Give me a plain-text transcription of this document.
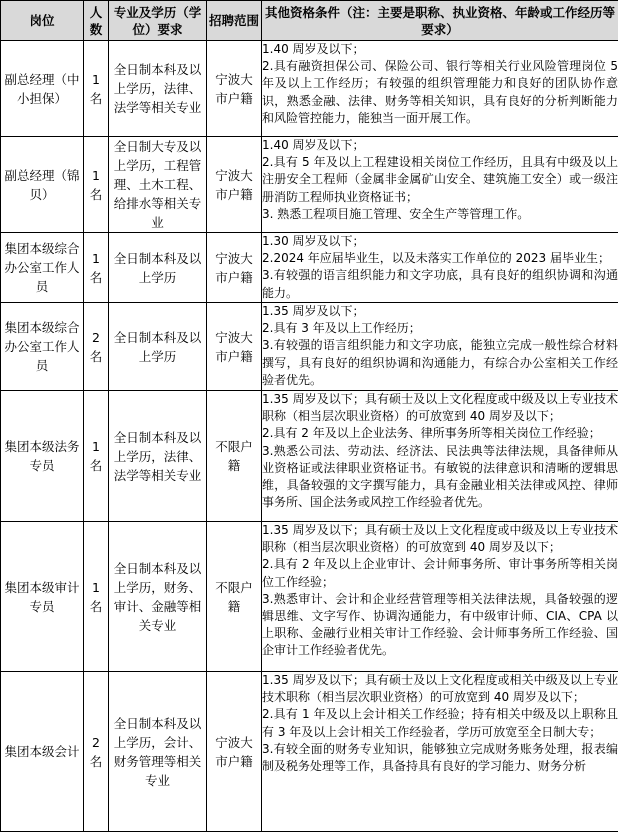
岗位	人数	专业及学历（学位）要求	招聘范围	其他资格条件（注：主要是职称、执业资格、年龄或工作经历等要求）

副总经理（中小担保）	1名	全日制本科及以上学历，法律、法学等相关专业	宁波大市户籍	1.40 周岁及以下；
2.具有融资担保公司、保险公司、银行等相关行业风险管理岗位 5 年及以上工作经历；有较强的组织管理能力和良好的团队协作意识，熟悉金融、法律、财务等相关知识，具有良好的分析判断能力和风险管控能力，能独当一面开展工作。

副总经理（锦贝）	1名	全日制大专及以上学历，工程管理、土木工程、给排水等相关专业	宁波大市户籍	1.40 周岁及以下；
2.具有 5 年及以上工程建设相关岗位工作经历，且具有中级及以上注册安全工程师（金属非金属矿山安全、建筑施工安全）或一级注册消防工程师执业资格证书；
3. 熟悉工程项目施工管理、安全生产等管理工作。

集团本级综合办公室工作人员	1名	全日制本科及以上学历	宁波大市户籍	1.30 周岁及以下；
2.2024 年应届毕业生，以及未落实工作单位的 2023 届毕业生；
3.有较强的语言组织能力和文字功底，具有良好的组织协调和沟通能力。

集团本级综合办公室工作人员	2名	全日制本科及以上学历	宁波大市户籍	1.35 周岁及以下；
2.具有 3 年及以上工作经历；
3.有较强的语言组织能力和文字功底，能独立完成一般性综合材料撰写，具有良好的组织协调和沟通能力，有综合办公室相关工作经验者优先。

集团本级法务专员	1名	全日制本科及以上学历，法律、法学等相关专业	不限户籍	1.35 周岁及以下；具有硕士及以上文化程度或中级及以上专业技术职称（相当层次职业资格）的可放宽到 40 周岁及以下；
2.具有 2 年及以上企业法务、律所事务所等相关岗位工作经验；
3.熟悉公司法、劳动法、经济法、民法典等法律法规，具备律师从业资格证或法律职业资格证书。有敏锐的法律意识和清晰的逻辑思维，具备较强的文字撰写能力，具有金融业相关法律或风控、律师事务所、国企法务或风控工作经验者优先。

集团本级审计专员	1名	全日制本科及以上学历，财务、审计、金融等相关专业	不限户籍	1.35 周岁及以下；具有硕士及以上文化程度或中级及以上专业技术职称（相当层次职业资格）的可放宽到 40 周岁及以下；
2.具有 2 年及以上企业审计、会计师事务所、审计事务所等相关岗位工作经验；
3.熟悉审计、会计和企业经营管理等相关法律法规，具备较强的逻辑思维、文字写作、协调沟通能力，有中级审计师、CIA、CPA 以上职称、金融行业相关审计工作经验、会计师事务所工作经验、国企审计工作经验者优先。

集团本级会计	2名	全日制本科及以上学历，会计、财务管理等相关专业	宁波大市户籍	1.35 周岁及以下；具有硕士及以上文化程度或相关中级及以上专业技术职称（相当层次职业资格）的可放宽到 40 周岁及以下；
2.具有 1 年及以上会计相关工作经验；持有相关中级及以上职称且有 3 年及以上会计相关工作经验者，学历可放宽至全日制大专；
3.有较全面的财务专业知识，能够独立完成财务账务处理，报表编制及税务处理等工作，具备持具有良好的学习能力、财务分析
